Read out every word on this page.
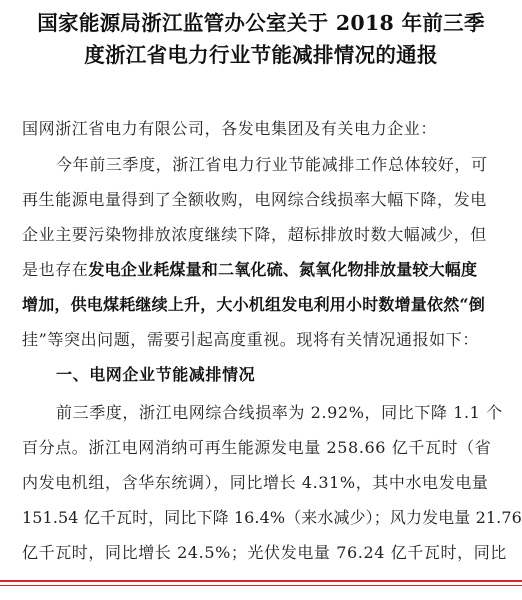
国家能源局浙江监管办公室关于 2018 年前三季
度浙江省电力行业节能减排情况的通报
国网浙江省电力有限公司，各发电集团及有关电力企业：
今年前三季度，浙江省电力行业节能减排工作总体较好，可
再生能源电量得到了全额收购，电网综合线损率大幅下降，发电
企业主要污染物排放浓度继续下降，超标排放时数大幅减少，但
是也存在发电企业耗煤量和二氧化硫、氮氧化物排放量较大幅度
增加，供电煤耗继续上升，大小机组发电利用小时数增量依然“倒
挂”等突出问题，需要引起高度重视。现将有关情况通报如下：
一、电网企业节能减排情况
前三季度，浙江电网综合线损率为 2.92%，同比下降 1.1 个
百分点。浙江电网消纳可再生能源发电量 258.66 亿千瓦时（省
内发电机组，含华东统调），同比增长 4.31%，其中水电发电量
151.54 亿千瓦时，同比下降 16.4%（来水减少）；风力发电量 21.76
亿千瓦时，同比增长 24.5%；光伏发电量 76.24 亿千瓦时，同比
